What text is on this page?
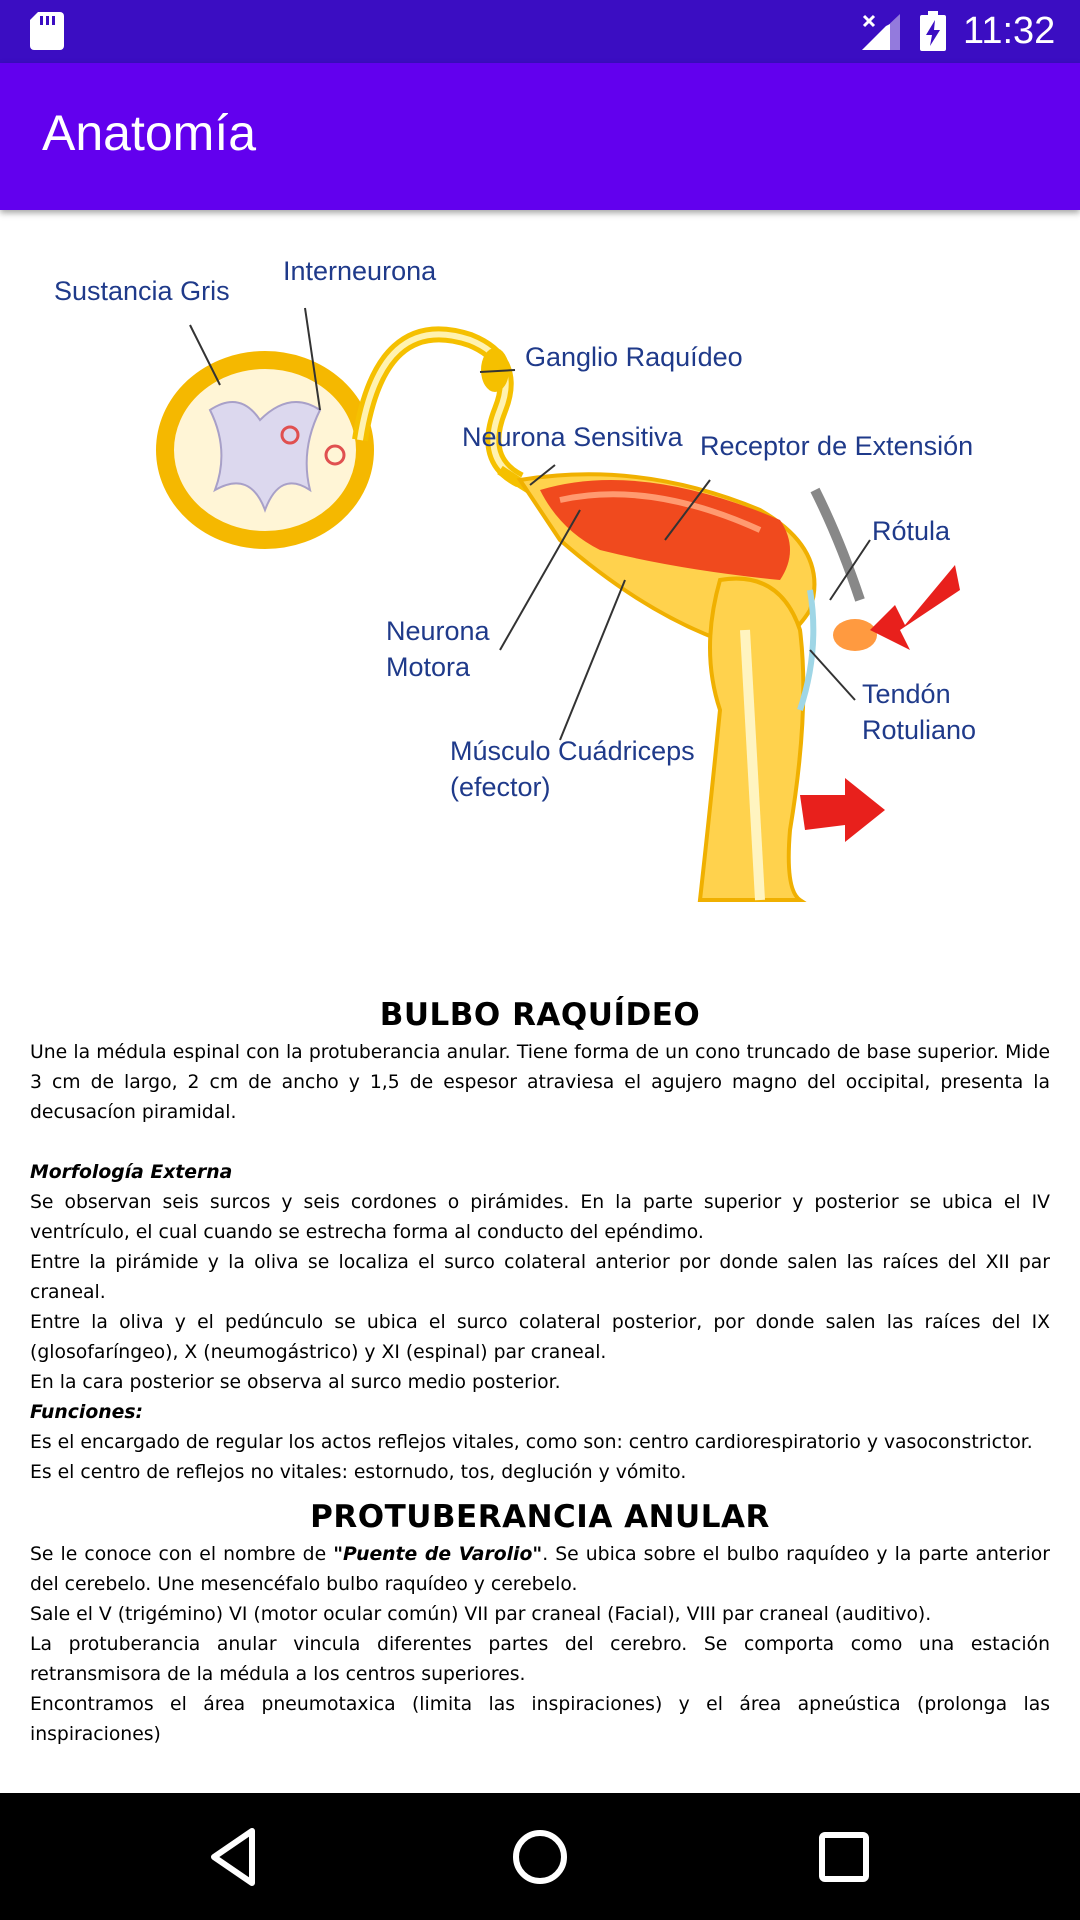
11:32
Anatomía
Sustancia Gris
Interneurona
Ganglio Raquídeo
Neurona Sensitiva Receptor de Extensión
Rótula
Neurona
Motora
Tendón
Rotuliano
Músculo Cuádriceps
(efector)
BULBO RAQUÍDEO

Une la médula espinal con la protuberancia anular. Tiene forma de un cono truncado de base superior. Mide 3 cm de largo, 2 cm de ancho y 1,5 de espesor atraviesa el agujero magno del occipital, presenta la decusacíon piramidal.

Morfología Externa

Se observan seis surcos y seis cordones o pirámides. En la parte superior y posterior se ubica el IV ventrículo, el cual cuando se estrecha forma al conducto del epéndimo.

Entre la pirámide y la oliva se localiza el surco colateral anterior por donde salen las raíces del XII par craneal.

Entre la oliva y el pedúnculo se ubica el surco colateral posterior, por donde salen las raíces del IX (glosofaríngeo), X (neumogástrico) y XI (espinal) par craneal.

En la cara posterior se observa al surco medio posterior.

Funciones:

Es el encargado de regular los actos reflejos vitales, como son: centro cardiorespiratorio y vasoconstrictor.

Es el centro de reflejos no vitales: estornudo, tos, deglución y vómito.

PROTUBERANCIA ANULAR

Se le conoce con el nombre de "Puente de Varolio". Se ubica sobre el bulbo raquídeo y la parte anterior del cerebelo. Une mesencéfalo bulbo raquídeo y cerebelo.

Sale el V (trigémino) VI (motor ocular común) VII par craneal (Facial), VIII par craneal (auditivo).

La protuberancia anular vincula diferentes partes del cerebro. Se comporta como una estación retransmisora de la médula a los centros superiores.

Encontramos el área pneumotaxica (limita las inspiraciones) y el área apneústica (prolonga las inspiraciones)
